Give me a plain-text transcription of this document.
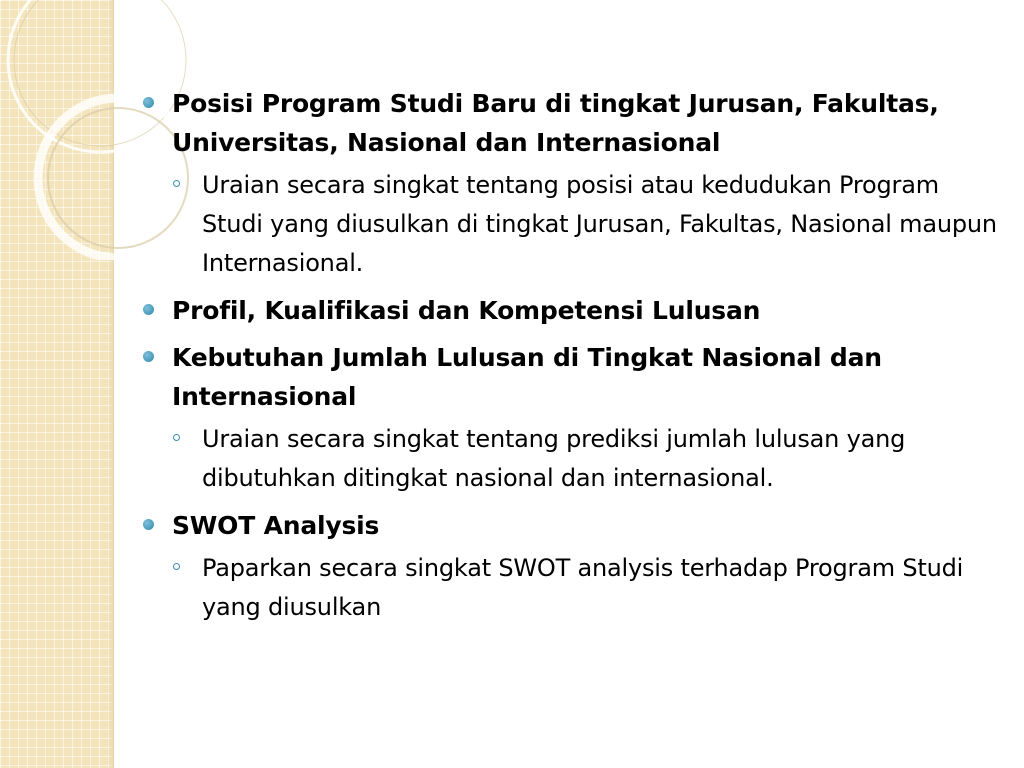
Posisi Program Studi Baru di tingkat Jurusan, Fakultas, Universitas, Nasional dan Internasional
Uraian secara singkat tentang posisi atau kedudukan Program Studi yang diusulkan di tingkat Jurusan, Fakultas, Nasional maupun Internasional.
Profil, Kualifikasi dan Kompetensi Lulusan
Kebutuhan Jumlah Lulusan di Tingkat Nasional dan Internasional
Uraian secara singkat tentang prediksi jumlah lulusan yang dibutuhkan ditingkat nasional dan internasional.
SWOT Analysis
Paparkan secara singkat SWOT analysis terhadap Program Studi yang diusulkan
